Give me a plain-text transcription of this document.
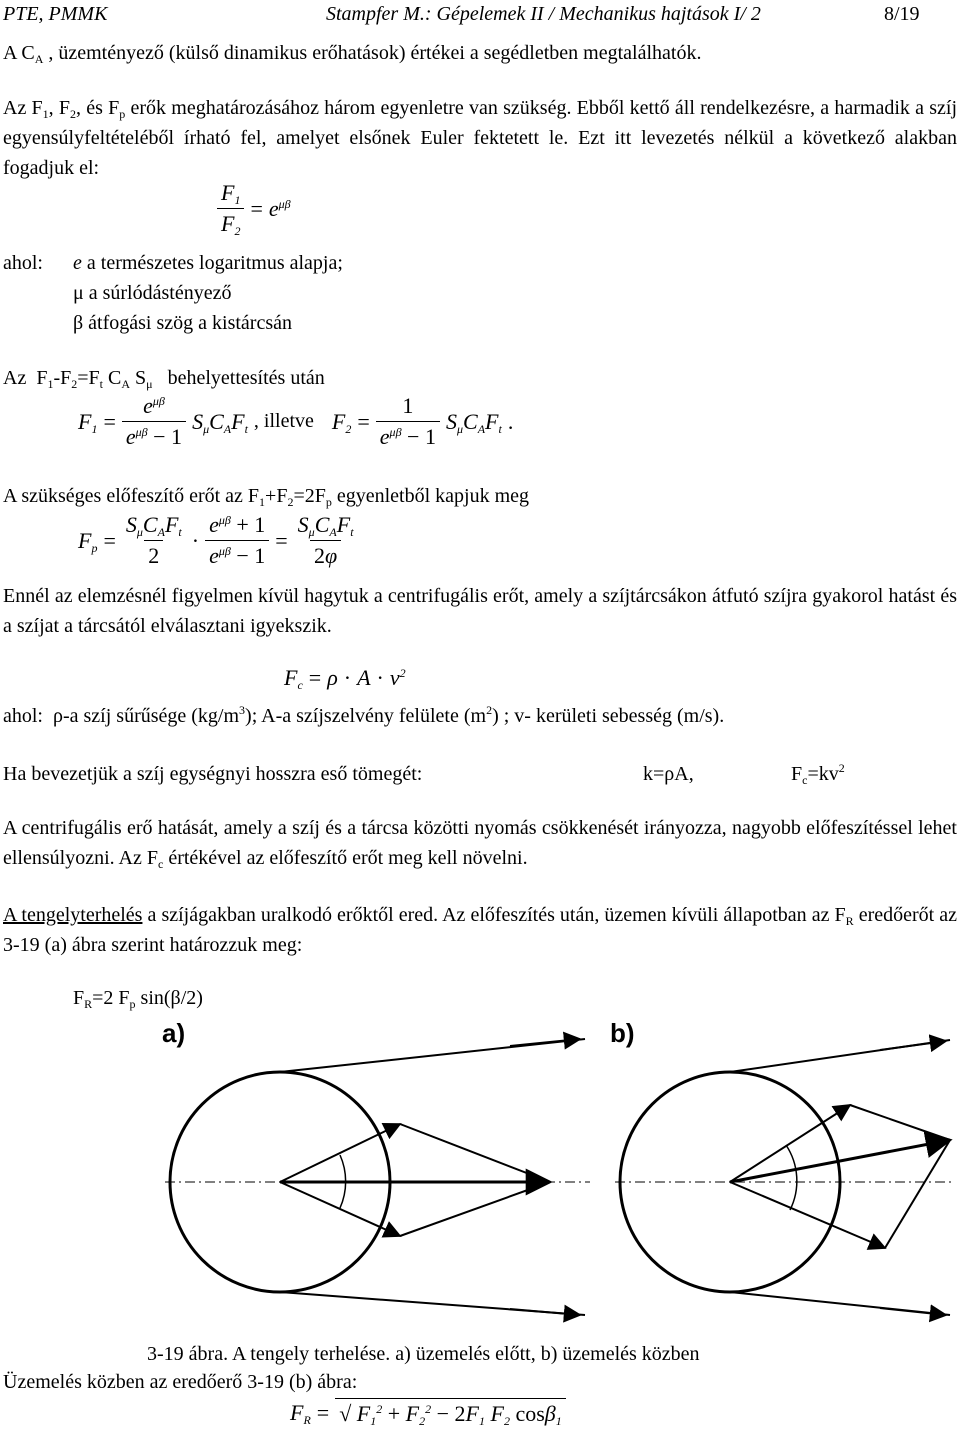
PTE, PMMK	Stampfer M.: Gépelemek II / Mechanikus hajtások I/ 2	8/19
A $C_A$ , üzemtényező (külső dinamikus erőhatások) értékei a segédletben megtalálhatók.
Az $F_1$, $F_2$, és $F_p$ erők meghatározásához három egyenletre van szükség. Ebből kettő áll rendelkezésre, a harmadik a szíj egyensúlyfeltételéből írható fel, amelyet elsőnek Euler fektetett le. Ezt itt levezetés nélkül a következő alakban fogadjuk el:
$\frac{F_1}{F_2} = e^{\mu\beta}$
ahol: e a természetes logaritmus alapja;
μ a súrlódástényező
β átfogási szög a kistárcsán
Az  $F_1-F_2=F_t$ $C_A$ $S_\mu$ behelyettesítés után
$F_1 = \frac{e^{\mu\beta}}{e^{\mu\beta} - 1} S_\mu C_AF_t$ , illetve $F_2 = \frac{1}{e^{\mu\beta} - 1} S_\mu C_AF_t$ .
A szükséges előfeszítő erőt az $F_1+F_2=2F_p$ egyenletből kapjuk meg
$F_p = \frac{S_\mu C_AF_t}{2} \cdot \frac{e^{\mu\beta} + 1}{e^{\mu\beta} - 1} = \frac{S_\mu C_AF_t}{2\varphi}$
Ennél az elemzésnél figyelmen kívül hagytuk a centrifugális erőt, amely a szíjtárcsákon átfutó szíjra gyakorol hatást és a szíjat a tárcsától elválasztani igyekszik.
$F_c = \rho \cdot A \cdot v^2$
ahol: ρ-a szíj sűrűsége $(kg/m^3)$; A-a szíjszelvény felülete $(m^2)$ ; v- kerületi sebesség (m/s).
Ha bevezetjük a szíj egységnyi hosszra eső tömegét:	k=ρA,	$F_c=kv^2$
A centrifugális erő hatását, amely a szíj és a tárcsa közötti nyomás csökkenését irányozza, nagyobb előfeszítéssel lehet ellensúlyozni. Az $F_c$ értékével az előfeszítő erőt meg kell növelni.
A tengelyterhelés a szíjágakban uralkodó erőktől ered. Az előfeszítés után, üzemen kívüli állapotban az $F_R$ eredőerőt az 3-19 (a) ábra szerint határozzuk meg:
$F_R=2$ $F_p$ sin(β/2)
a)	b)
3-19 ábra. A tengely terhelése. a) üzemelés előtt, b) üzemelés közben
Üzemelés közben az eredőerő 3-19 (b) ábra:
$F_R$ = √ $F_1^2 + F_2^2 - 2F_1$ $F_2$ cosβ$_1$
